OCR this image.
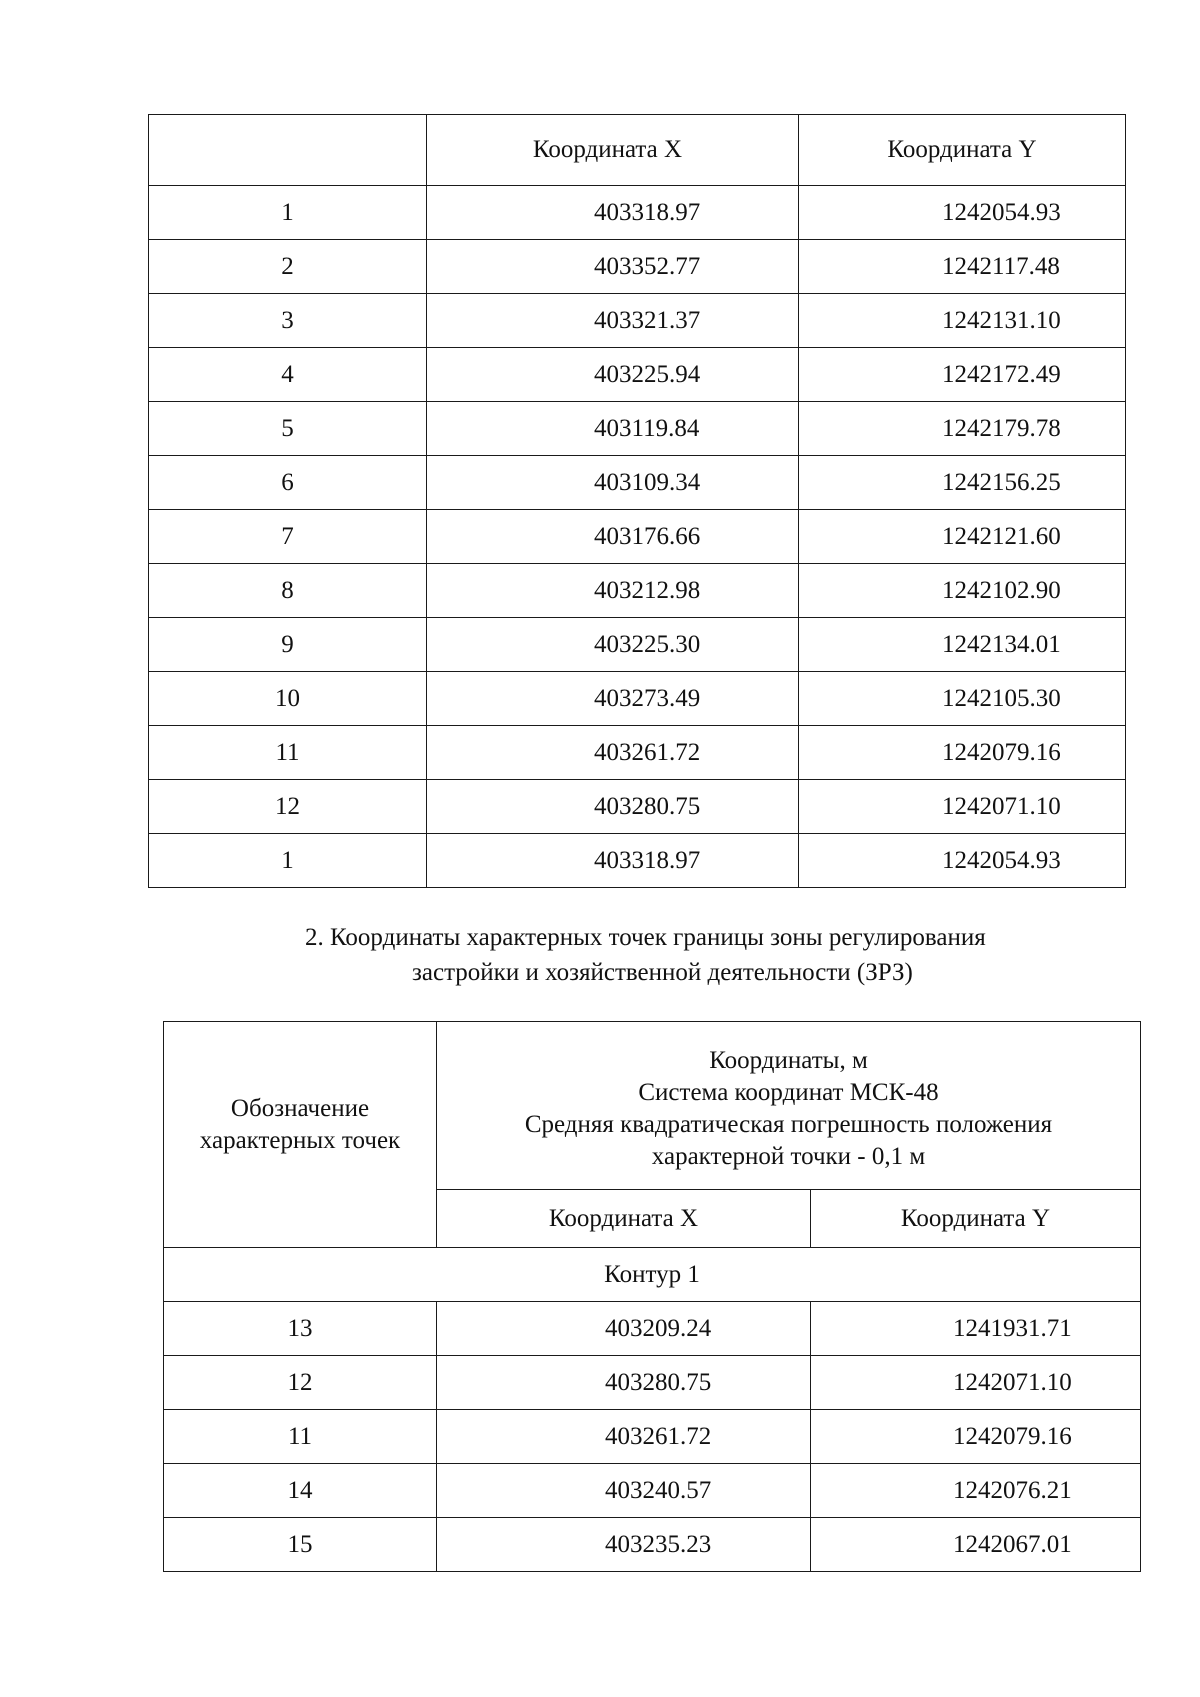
	Координата X	Координата Y
1	403318.97	1242054.93
2	403352.77	1242117.48
3	403321.37	1242131.10
4	403225.94	1242172.49
5	403119.84	1242179.78
6	403109.34	1242156.25
7	403176.66	1242121.60
8	403212.98	1242102.90
9	403225.30	1242134.01
10	403273.49	1242105.30
11	403261.72	1242079.16
12	403280.75	1242071.10
1	403318.97	1242054.93
2. Координаты характерных точек границы зоны регулирования
застройки и хозяйственной деятельности (ЗРЗ)
Обозначение
характерных точек	Координаты, м
Система координат МСК-48
Средняя квадратическая погрешность положения
характерной точки - 0,1 м	

	Координата X	Координата Y
Контур 1		
13	403209.24	1241931.71
12	403280.75	1242071.10
11	403261.72	1242079.16
14	403240.57	1242076.21
15	403235.23	1242067.01
